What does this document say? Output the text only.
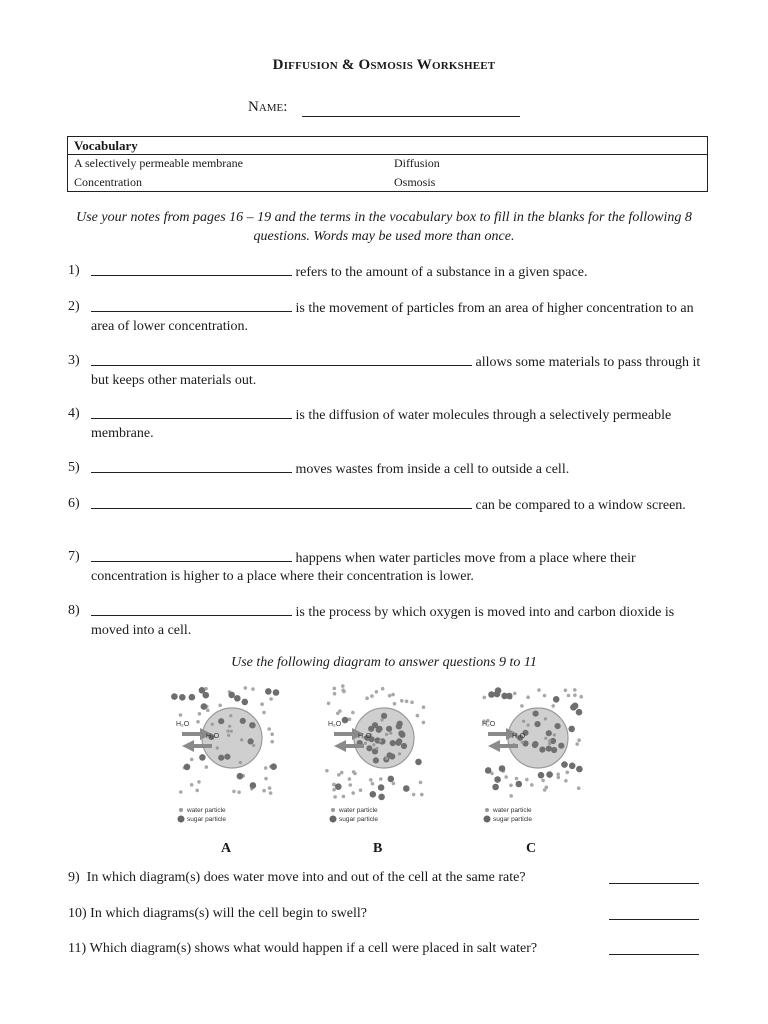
Diffusion & Osmosis Worksheet
Name:
Vocabulary
A selectively permeable membrane	Diffusion
Concentration	Osmosis
Use your notes from pages 16 – 19 and the terms in the vocabulary box to fill in the blanks for the following 8 questions. Words may be used more than once.
1)	refers to the amount of a substance in a given space.
2)	is the movement of particles from an area of higher concentration to an area of lower concentration.
3)	allows some materials to pass through it but keeps other materials out.
4)	is the diffusion of water molecules through a selectively permeable membrane.
5)	moves wastes from inside a cell to outside a cell.
6)	can be compared to a window screen.
7)	happens when water particles move from a place where their concentration is higher to a place where their concentration is lower.
8)	is the process by which oxygen is moved into and carbon dioxide is moved into a cell.
Use the following diagram to answer questions 9 to 11
H₂O
H₂O
water particle
sugar particle
H₂O
H₂O
water particle
sugar particle
H₂O
H₂O
water particle
sugar particle
A	B	C
9) In which diagram(s) does water move into and out of the cell at the same rate?
10) In which diagrams(s) will the cell begin to swell?
11) Which diagram(s) shows what would happen if a cell were placed in salt water?
